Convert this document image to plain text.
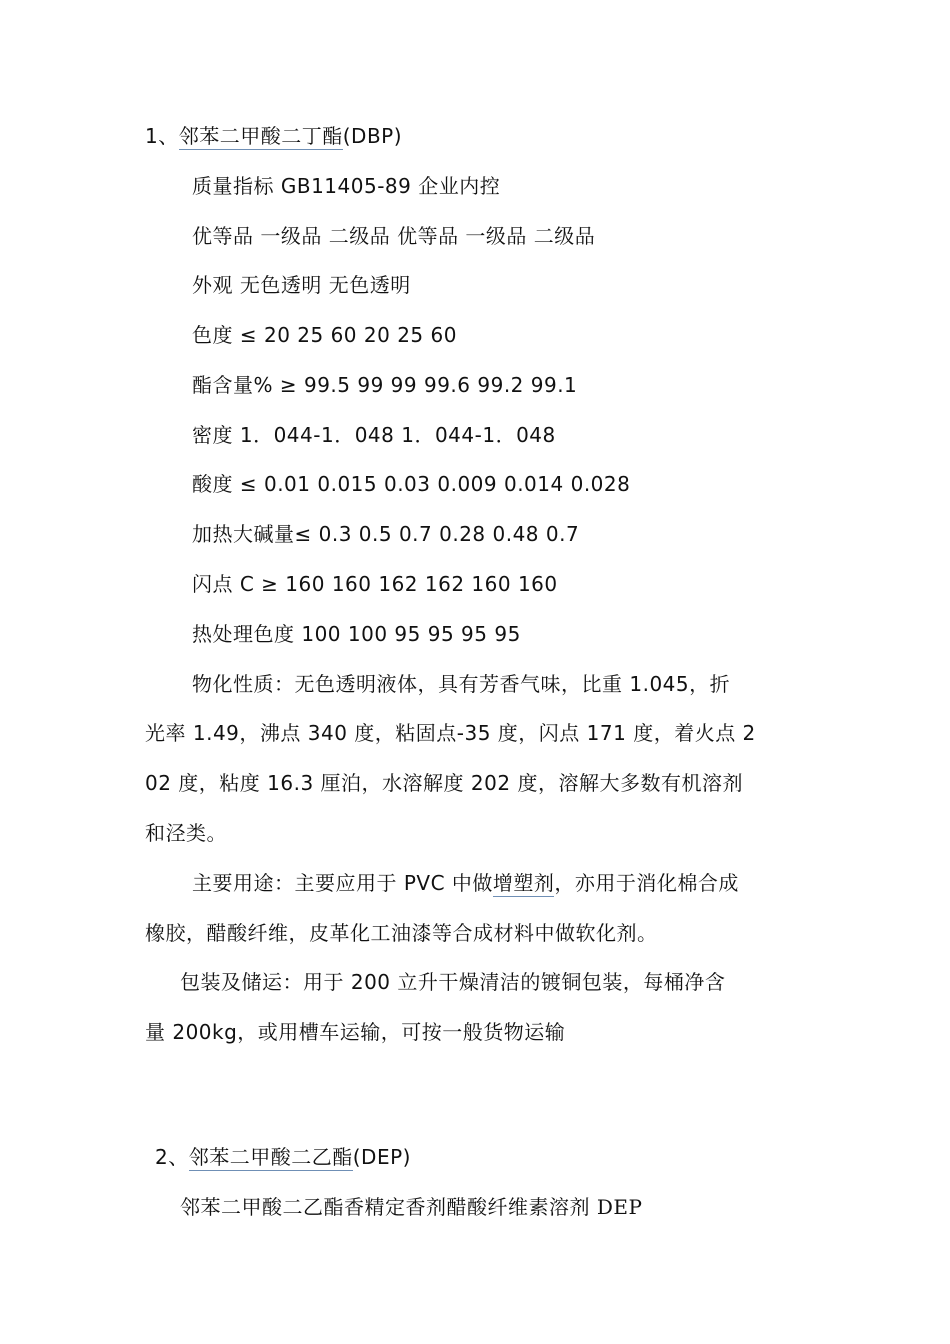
1、邻苯二甲酸二丁酯(DBP)
质量指标 GB11405-89 企业内控
优等品 一级品 二级品 优等品 一级品 二级品
外观 无色透明 无色透明
色度 ≤ 20 25 60 20 25 60
酯含量% ≥ 99.5 99 99 99.6 99.2 99.1
密度 1．044-1．048 1．044-1．048
酸度 ≤ 0.01 0.015 0.03 0.009 0.014 0.028
加热大碱量≤ 0.3 0.5 0.7 0.28 0.48 0.7
闪点 C ≥ 160 160 162 162 160 160
热处理色度 100 100 95 95 95 95
物化性质：无色透明液体，具有芳香气味，比重 1.045，折
光率 1.49，沸点 340 度，粘固点-35 度，闪点 171 度，着火点 2
02 度，粘度 16.3 厘泊，水溶解度 202 度，溶解大多数有机溶剂
和泾类。
主要用途：主要应用于 PVC 中做增塑剂，亦用于消化棉合成
橡胶，醋酸纤维，皮革化工油漆等合成材料中做软化剂。
包装及储运：用于 200 立升干燥清洁的镀铜包装，每桶净含
量 200kg，或用槽车运输，可按一般货物运输
2、邻苯二甲酸二乙酯(DEP)
邻苯二甲酸二乙酯香精定香剂醋酸纤维素溶剂 DEP
